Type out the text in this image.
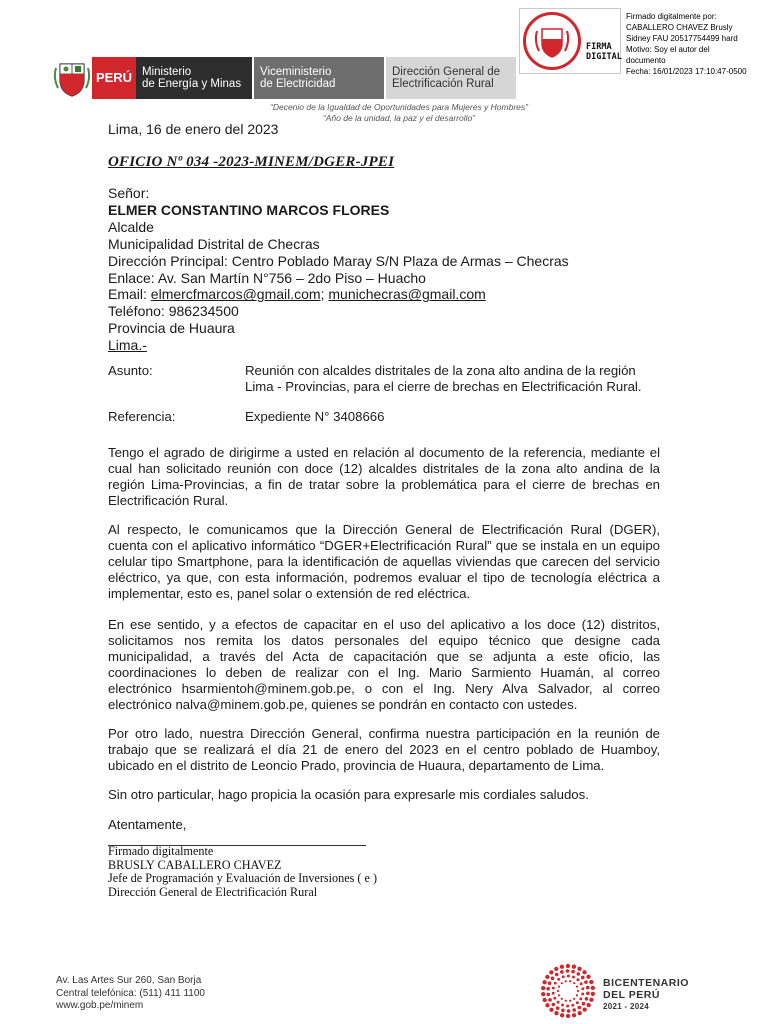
PERÚ Ministerio
de Energía y Minas
Viceministerio
de Electricidad
Dirección General de
Electrificación Rural
FIRMA
DIGITAL
Firmado digitalmente por:
CABALLERO CHAVEZ Brusly
Sidney FAU 20517754499 hard
Motivo: Soy el autor del
documento
Fecha: 16/01/2023 17:10:47-0500
“Decenio de la Igualdad de Oportunidades para Mujeres y Hombres”
“Año de la unidad, la paz y el desarrollo”
Lima, 16 de enero del 2023
OFICIO Nº 034 -2023-MINEM/DGER-JPEI
Señor:
ELMER CONSTANTINO MARCOS FLORES
Alcalde
Municipalidad Distrital de Checras
Dirección Principal: Centro Poblado Maray S/N Plaza de Armas – Checras
Enlace: Av. San Martín N°756 – 2do Piso – Huacho
Email: elmercfmarcos@gmail.com; munichecras@gmail.com
Teléfono: 986234500
Provincia de Huaura
Lima.-
Asunto:	Reunión con alcaldes distritales de la zona alto andina de la región Lima - Provincias, para el cierre de brechas en Electrificación Rural.
Referencia:	Expediente N° 3408666
Tengo el agrado de dirigirme a usted en relación al documento de la referencia, mediante el cual han solicitado reunión con doce (12) alcaldes distritales de la zona alto andina de la región Lima-Provincias, a fin de tratar sobre la problemática para el cierre de brechas en Electrificación Rural.
Al respecto, le comunicamos que la Dirección General de Electrificación Rural (DGER), cuenta con el aplicativo informático “DGER+Electrificación Rural” que se instala en un equipo celular tipo Smartphone, para la identificación de aquellas viviendas que carecen del servicio eléctrico, ya que, con esta información, podremos evaluar el tipo de tecnología eléctrica a implementar, esto es, panel solar o extensión de red eléctrica.
En ese sentido, y a efectos de capacitar en el uso del aplicativo a los doce (12) distritos, solicitamos nos remita los datos personales del equipo técnico que designe cada municipalidad, a través del Acta de capacitación que se adjunta a este oficio, las coordinaciones lo deben de realizar con el Ing. Mario Sarmiento Huamán, al correo electrónico hsarmientoh@minem.gob.pe, o con el Ing. Nery Alva Salvador, al correo electrónico nalva@minem.gob.pe, quienes se pondrán en contacto con ustedes.
Por otro lado, nuestra Dirección General, confirma nuestra participación en la reunión de trabajo que se realizará el día 21 de enero del 2023 en el centro poblado de Huamboy, ubicado en el distrito de Leoncio Prado, provincia de Huaura, departamento de Lima.
Sin otro particular, hago propicia la ocasión para expresarle mis cordiales saludos.
Atentamente,
Firmado digitalmente
BRUSLY CABALLERO CHAVEZ
Jefe de Programación y Evaluación de Inversiones ( e )
Dirección General de Electrificación Rural
Av. Las Artes Sur 260, San Borja
Central telefónica: (511) 411 1100
www.gob.pe/minem
BICENTENARIO
DEL PERÚ
2021 - 2024
